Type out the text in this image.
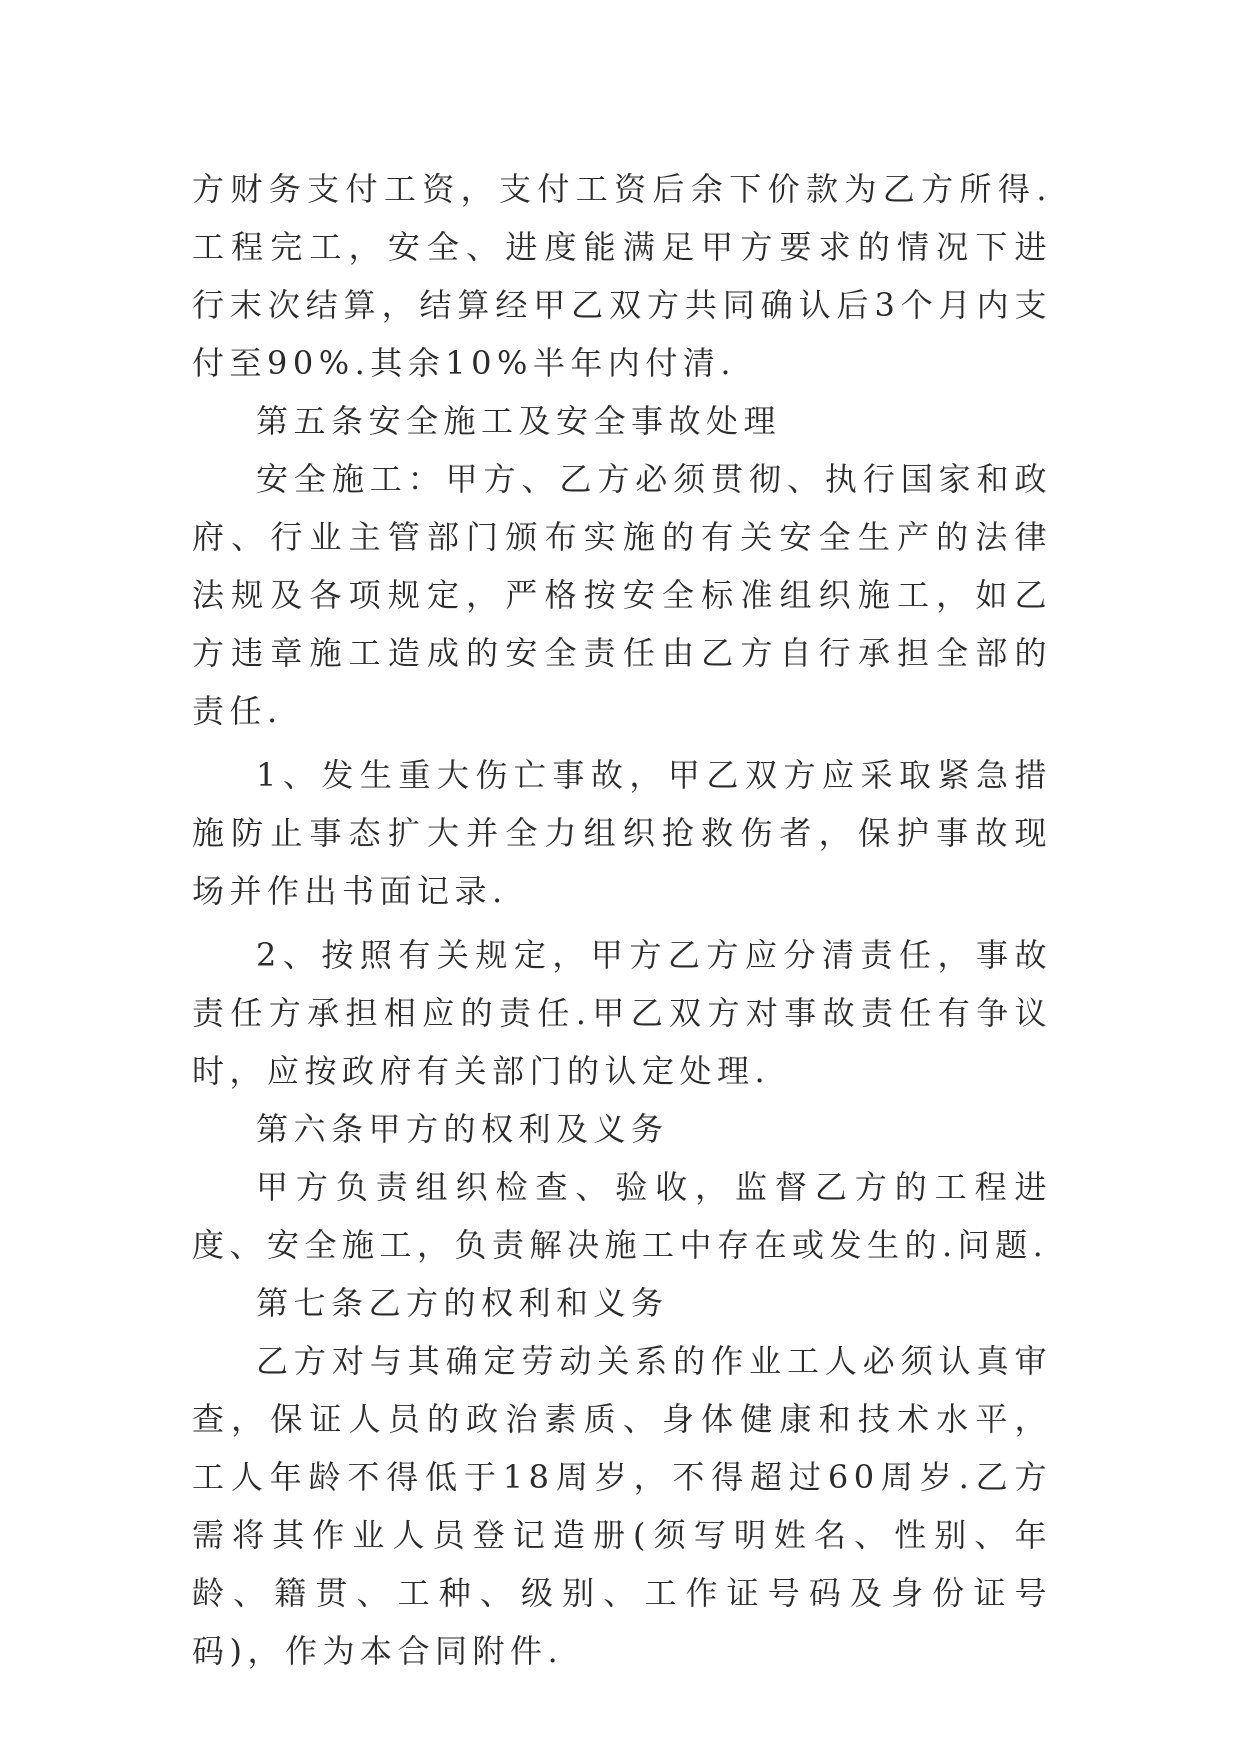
方财务支付工资，支付工资后余下价款为乙方所得.工程完工，安全、进度能满足甲方要求的情况下进行末次结算，结算经甲乙双方共同确认后3个月内支付至90%.其余10%半年内付清.

第五条安全施工及安全事故处理

安全施工：甲方、乙方必须贯彻、执行国家和政府、行业主管部门颁布实施的有关安全生产的法律法规及各项规定，严格按安全标准组织施工，如乙方违章施工造成的安全责任由乙方自行承担全部的责任.

1、发生重大伤亡事故，甲乙双方应采取紧急措施防止事态扩大并全力组织抢救伤者，保护事故现场并作出书面记录.

2、按照有关规定，甲方乙方应分清责任，事故责任方承担相应的责任.甲乙双方对事故责任有争议时，应按政府有关部门的认定处理.

第六条甲方的权利及义务

甲方负责组织检查、验收，监督乙方的工程进度、安全施工，负责解决施工中存在或发生的.问题.

第七条乙方的权利和义务

乙方对与其确定劳动关系的作业工人必须认真审查，保证人员的政治素质、身体健康和技术水平，工人年龄不得低于18周岁，不得超过60周岁.乙方需将其作业人员登记造册(须写明姓名、性别、年龄、籍贯、工种、级别、工作证号码及身份证号码)，作为本合同附件.
